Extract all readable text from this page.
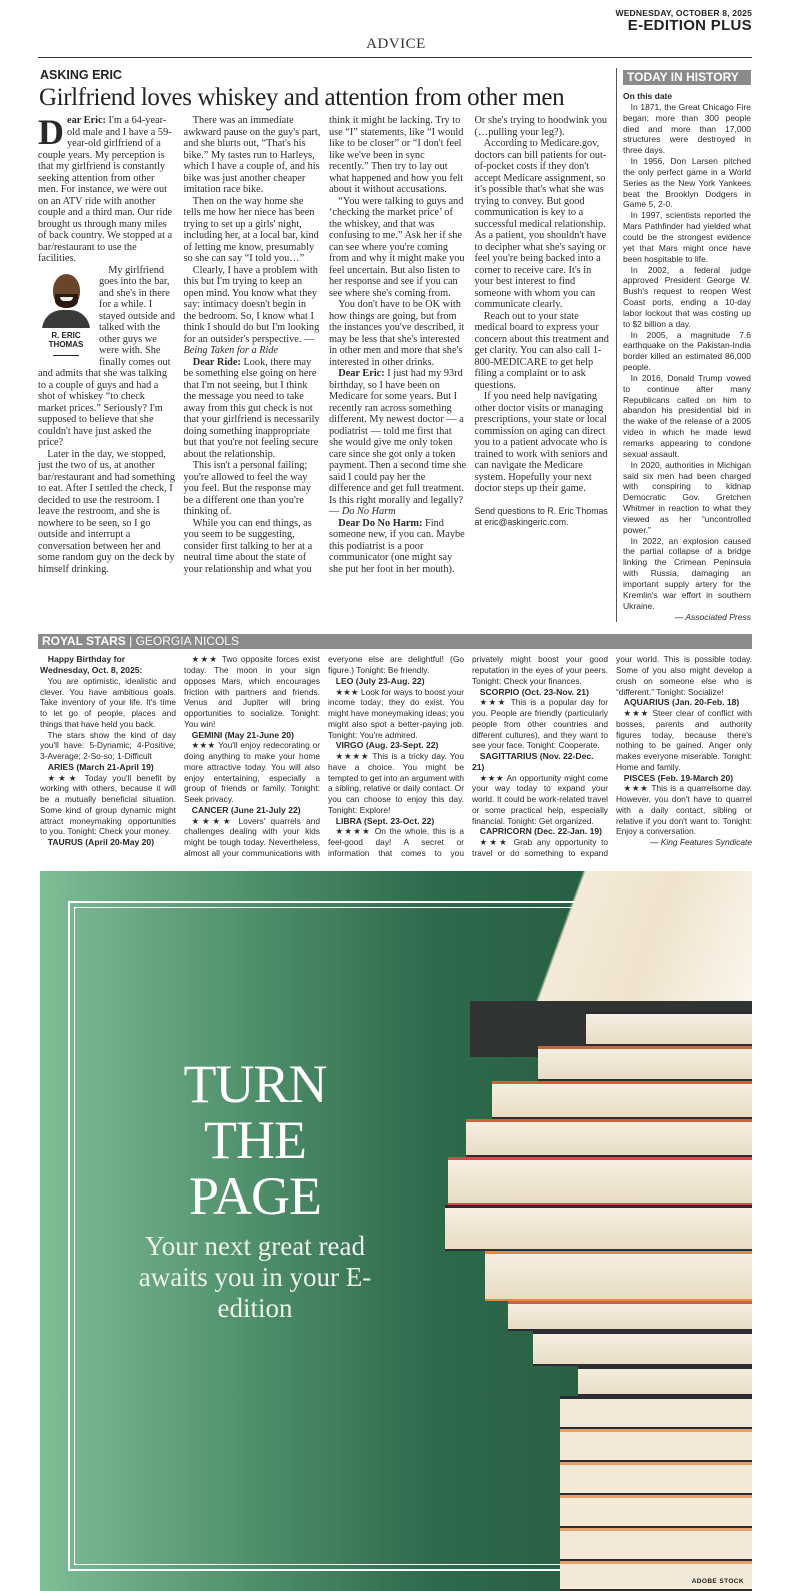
WEDNESDAY, OCTOBER 8, 2025
E-EDITION PLUS
ADVICE
ASKING ERIC
Girlfriend loves whiskey and attention from other men

Dear Eric: I'm a 64-year-old male and I have a 59-year-old girlfriend of a couple years. My perception is that my girlfriend is constantly seeking attention from other men. For instance, we were out on an ATV ride with another couple and a third man. Our ride brought us through many miles of back country. We stopped at a bar/restaurant to use the facilities.

R. ERIC THOMAS

My girlfriend goes into the bar, and she's in there for a while. I stayed outside and talked with the other guys we were with. She finally comes out and admits that she was talking to a couple of guys and had a shot of whiskey “to check market prices.” Seriously? I'm supposed to believe that she couldn't have just asked the price?

Later in the day, we stopped, just the two of us, at another bar/restaurant and had something to eat. After I settled the check, I decided to use the restroom. I leave the restroom, and she is nowhere to be seen, so I go outside and interrupt a conversation between her and some random guy on the deck by himself drinking.

There was an immediate awkward pause on the guy's part, and she blurts out, “That's his bike.” My tastes run to Harleys, which I have a couple of, and his bike was just another cheaper imitation race bike.

Then on the way home she tells me how her niece has been trying to set up a girls' night, including her, at a local bar, kind of letting me know, presumably so she can say “I told you…”

Clearly, I have a problem with this but I'm trying to keep an open mind. You know what they say: intimacy doesn't begin in the bedroom. So, I know what I think I should do but I'm looking for an outsider's perspective. — Being Taken for a Ride

Dear Ride: Look, there may be something else going on here that I'm not seeing, but I think the message you need to take away from this gut check is not that your girlfriend is necessarily doing something inappropriate but that you're not feeling secure about the relationship.

This isn't a personal failing; you're allowed to feel the way you feel. But the response may be a different one than you're thinking of.

While you can end things, as you seem to be suggesting, consider first talking to her at a neutral time about the state of your relationship and what you think it might be lacking. Try to use “I” statements, like “I would like to be closer” or “I don't feel like we've been in sync recently.” Then try to lay out what happened and how you felt about it without accusations.

“You were talking to guys and ‘checking the market price’ of the whiskey, and that was confusing to me.” Ask her if she can see where you're coming from and why it might make you feel uncertain. But also listen to her response and see if you can see where she's coming from.

You don't have to be OK with how things are going, but from the instances you've described, it may be less that she's interested in other men and more that she's interested in other drinks.

Dear Eric: I just had my 93rd birthday, so I have been on Medicare for some years. But I recently ran across something different. My newest doctor — a podiatrist — told me first that she would give me only token care since she got only a token payment. Then a second time she said I could pay her the difference and get full treatment. Is this right morally and legally? — Do No Harm

Dear Do No Harm: Find someone new, if you can. Maybe this podiatrist is a poor communicator (one might say she put her foot in her mouth). Or she's trying to hoodwink you (…pulling your leg?).

According to Medicare.gov, doctors can bill patients for out-of-pocket costs if they don't accept Medicare assignment, so it's possible that's what she was trying to convey. But good communication is key to a successful medical relationship. As a patient, you shouldn't have to decipher what she's saying or feel you're being backed into a corner to receive care. It's in your best interest to find someone with whom you can communicate clearly.

Reach out to your state medical board to express your concern about this treatment and get clarity. You can also call 1-800-MEDICARE to get help filing a complaint or to ask questions.

If you need help navigating other doctor visits or managing prescriptions, your state or local commission on aging can direct you to a patient advocate who is trained to work with seniors and can navigate the Medicare system. Hopefully your next doctor steps up their game.

Send questions to R. Eric Thomas at eric@askingeric.com.

TODAY IN HISTORY

On this date

In 1871, the Great Chicago Fire began; more than 300 people died and more than 17,000 structures were destroyed in three days.

In 1956, Don Larsen pitched the only perfect game in a World Series as the New York Yankees beat the Brooklyn Dodgers in Game 5, 2-0.

In 1997, scientists reported the Mars Pathfinder had yielded what could be the strongest evidence yet that Mars might once have been hospitable to life.

In 2002, a federal judge approved President George W. Bush's request to reopen West Coast ports, ending a 10-day labor lockout that was costing up to $2 billion a day.

In 2005, a magnitude 7.6 earthquake on the Pakistan-India border killed an estimated 86,000 people.

In 2016, Donald Trump vowed to continue after many Republicans called on him to abandon his presidential bid in the wake of the release of a 2005 video in which he made lewd remarks appearing to condone sexual assault.

In 2020, authorities in Michigan said six men had been charged with conspiring to kidnap Democratic Gov. Gretchen Whitmer in reaction to what they viewed as her “uncontrolled power.”

In 2022, an explosion caused the partial collapse of a bridge linking the Crimean Peninsula with Russia, damaging an important supply artery for the Kremlin's war effort in southern Ukraine.

— Associated Press

ROYAL STARS | GEORGIA NICOLS

Happy Birthday for Wednesday, Oct. 8, 2025:

You are optimistic, idealistic and clever. You have ambitious goals. Take inventory of your life. It's time to let go of people, places and things that have held you back.

The stars show the kind of day you'll have: 5-Dynamic; 4-Positive; 3-Average; 2-So-so; 1-Difficult

ARIES (March 21-April 19)

★★★ Today you'll benefit by working with others, because it will be a mutually beneficial situation. Some kind of group dynamic might attract moneymaking opportunities to you. Tonight: Check your money.

TAURUS (April 20-May 20)

★★★ Two opposite forces exist today. The moon in your sign opposes Mars, which encourages friction with partners and friends. Venus and Jupiter will bring opportunities to socialize. Tonight: You win!

GEMINI (May 21-June 20)

★★★ You'll enjoy redecorating or doing anything to make your home more attractive today. You will also enjoy entertaining, especially a group of friends or family. Tonight: Seek privacy.

CANCER (June 21-July 22)

★★★★ Lovers' quarrels and challenges dealing with your kids might be tough today. Nevertheless, almost all your communications with everyone else are delightful! (Go figure.) Tonight: Be friendly.

LEO (July 23-Aug. 22)

★★★ Look for ways to boost your income today; they do exist. You might have moneymaking ideas; you might also spot a better-paying job. Tonight: You're admired.

VIRGO (Aug. 23-Sept. 22)

★★★★ This is a tricky day. You have a choice. You might be tempted to get into an argument with a sibling, relative or daily contact. Or you can choose to enjoy this day. Tonight: Explore!

LIBRA (Sept. 23-Oct. 22)

★★★★ On the whole, this is a feel-good day! A secret or information that comes to you privately might boost your good reputation in the eyes of your peers. Tonight: Check your finances.

SCORPIO (Oct. 23-Nov. 21)

★★★ This is a popular day for you. People are friendly (particularly people from other countries and different cultures), and they want to see your face. Tonight: Cooperate.

SAGITTARIUS (Nov. 22-Dec. 21)

★★★ An opportunity might come your way today to expand your world. It could be work-related travel or some practical help, especially financial. Tonight: Get organized.

CAPRICORN (Dec. 22-Jan. 19)

★★★ Grab any opportunity to travel or do something to expand your world. This is possible today. Some of you also might develop a crush on someone else who is “different.” Tonight: Socialize!

AQUARIUS (Jan. 20-Feb. 18)

★★★ Steer clear of conflict with bosses, parents and authority figures today, because there's nothing to be gained. Anger only makes everyone miserable. Tonight: Home and family.

PISCES (Feb. 19-March 20)

★★★ This is a quarrelsome day. However, you don't have to quarrel with a daily contact, sibling or relative if you don't want to. Tonight: Enjoy a conversation.

— King Features Syndicate

TURN THE PAGE
Your next great read awaits you in your E-edition
ADOBE STOCK
